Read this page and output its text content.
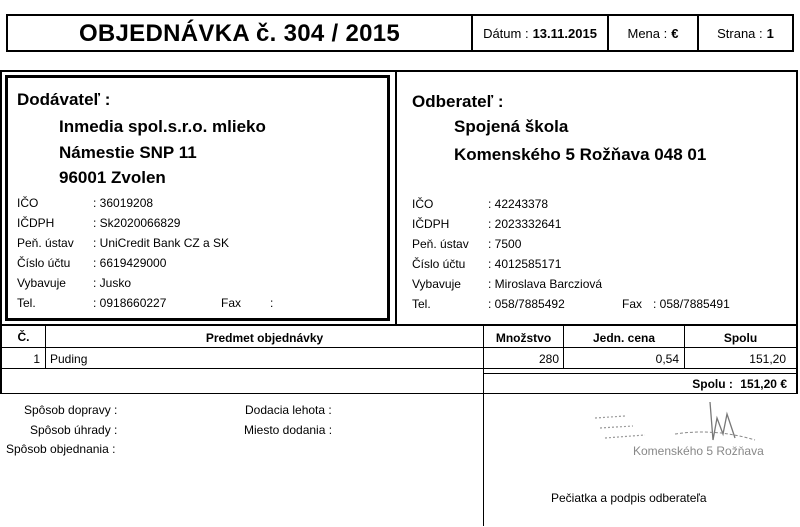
OBJEDNÁVKA č. 304 / 2015	Dátum : 13.11.2015 Mena : €	Strana : 1
Dodávateľ :
Inmedia spol.s.r.o. mlieko
Námestie SNP 11
96001 Zvolen
IČO	: 36019208
IČDPH	: Sk2020066829
Peň. ústav : UniCredit Bank CZ a SK
Číslo účtu : 6619429000
Vybavuje : Jusko
Tel.	: 0918660227	Fax :
Odberateľ :
Spojená škola
Komenského 5 Rožňava 048 01
IČO	: 42243378
IČDPH	: 2023332641
Peň. ústav : 7500
Číslo účtu : 4012585171
Vybavuje : Miroslava Barcziová
Tel.	: 058/7885492	Fax : 058/7885491
Č.	Predmet objednávky	Množstvo	Jedn. cena	Spolu
1 Puding	280	0,54	151,20
Spolu : 151,20 €
Spôsob dopravy :
Spôsob úhrady :
Spôsob objednania :
Dodacia lehota :
Miesto dodania :
Komenského 5 Rožňava
Pečiatka a podpis odberateľa
